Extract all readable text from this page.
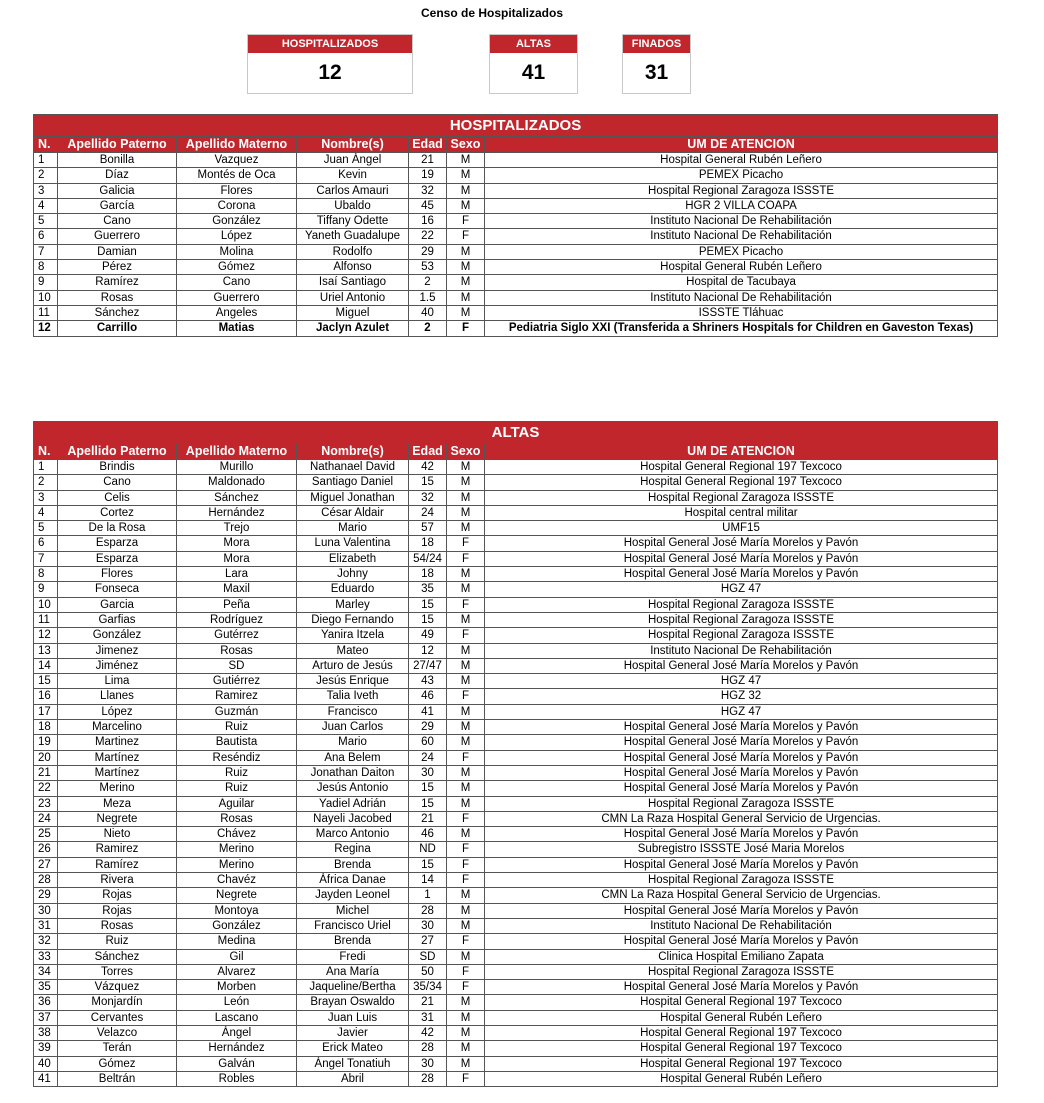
Censo de Hospitalizados
HOSPITALIZADOS
12
ALTAS
41
FINADOS
31
HOSPITALIZADOS						
N.	Apellido Paterno	Apellido Materno	Nombre(s)	Edad	Sexo	UM DE ATENCION
1	Bonilla	Vazquez	Juan Ángel	21	M	Hospital General Rubén Leñero
2	Díaz	Montés de Oca	Kevin	19	M	PEMEX Picacho
3	Galicia	Flores	Carlos Amauri	32	M	Hospital Regional Zaragoza ISSSTE
4	García	Corona	Ubaldo	45	M	HGR 2 VILLA COAPA
5	Cano	González	Tiffany Odette	16	F	Instituto Nacional De Rehabilitación
6	Guerrero	López	Yaneth Guadalupe	22	F	Instituto Nacional De Rehabilitación
7	Damian	Molina	Rodolfo	29	M	PEMEX Picacho
8	Pérez	Gómez	Alfonso	53	M	Hospital General Rubén Leñero
9	Ramírez	Cano	Isaí Santiago	2	M	Hospital de Tacubaya
10	Rosas	Guerrero	Uriel Antonio	1.5	M	Instituto Nacional De Rehabilitación
11	Sánchez	Angeles	Miguel	40	M	ISSSTE Tláhuac
12	Carrillo	Matias	Jaclyn Azulet	2	F	Pediatria Siglo XXI (Transferida a Shriners Hospitals for Children en Gaveston Texas)
ALTAS						
N.	Apellido Paterno	Apellido Materno	Nombre(s)	Edad	Sexo	UM DE ATENCION
1	Brindis	Murillo	Nathanael David	42	M	Hospital General Regional 197 Texcoco
2	Cano	Maldonado	Santiago Daniel	15	M	Hospital General Regional 197 Texcoco
3	Celis	Sánchez	Miguel Jonathan	32	M	Hospital Regional Zaragoza ISSSTE
4	Cortez	Hernández	César Aldair	24	M	Hospital central militar
5	De la Rosa	Trejo	Mario	57	M	UMF15
6	Esparza	Mora	Luna Valentina	18	F	Hospital General José María Morelos y Pavón
7	Esparza	Mora	Elizabeth	54/24	F	Hospital General José María Morelos y Pavón
8	Flores	Lara	Johny	18	M	Hospital General José María Morelos y Pavón
9	Fonseca	Maxil	Eduardo	35	M	HGZ 47
10	Garcia	Peña	Marley	15	F	Hospital Regional Zaragoza ISSSTE
11	Garfias	Rodríguez	Diego Fernando	15	M	Hospital Regional Zaragoza ISSSTE
12	González	Gutérrez	Yanira Itzela	49	F	Hospital Regional Zaragoza ISSSTE
13	Jimenez	Rosas	Mateo	12	M	Instituto Nacional De Rehabilitación
14	Jiménez	SD	Arturo de Jesús	27/47	M	Hospital General José María Morelos y Pavón
15	Lima	Gutiérrez	Jesús Enrique	43	M	HGZ 47
16	Llanes	Ramirez	Talia Iveth	46	F	HGZ 32
17	López	Guzmán	Francisco	41	M	HGZ 47
18	Marcelino	Ruiz	Juan Carlos	29	M	Hospital General José María Morelos y Pavón
19	Martinez	Bautista	Mario	60	M	Hospital General José María Morelos y Pavón
20	Martínez	Reséndiz	Ana Belem	24	F	Hospital General José María Morelos y Pavón
21	Martínez	Ruiz	Jonathan Daiton	30	M	Hospital General José María Morelos y Pavón
22	Merino	Ruiz	Jesús Antonio	15	M	Hospital General José María Morelos y Pavón
23	Meza	Aguilar	Yadiel Adrián	15	M	Hospital Regional Zaragoza ISSSTE
24	Negrete	Rosas	Nayeli Jacobed	21	F	CMN La Raza Hospital General Servicio de Urgencias.
25	Nieto	Chávez	Marco Antonio	46	M	Hospital General José María Morelos y Pavón
26	Ramirez	Merino	Regina	ND	F	Subregistro ISSSTE José Maria Morelos
27	Ramírez	Merino	Brenda	15	F	Hospital General José María Morelos y Pavón
28	Rivera	Chavéz	África Danae	14	F	Hospital Regional Zaragoza ISSSTE
29	Rojas	Negrete	Jayden Leonel	1	M	CMN La Raza Hospital General Servicio de Urgencias.
30	Rojas	Montoya	Michel	28	M	Hospital General José María Morelos y Pavón
31	Rosas	González	Francisco Uriel	30	M	Instituto Nacional De Rehabilitación
32	Ruiz	Medina	Brenda	27	F	Hospital General José María Morelos y Pavón
33	Sánchez	Gil	Fredi	SD	M	Clinica Hospital Emiliano Zapata
34	Torres	Alvarez	Ana María	50	F	Hospital Regional Zaragoza ISSSTE
35	Vázquez	Morben	Jaqueline/Bertha	35/34	F	Hospital General José María Morelos y Pavón
36	Monjardín	León	Brayan Oswaldo	21	M	Hospital General Regional 197 Texcoco
37	Cervantes	Lascano	Juan Luis	31	M	Hospital General Rubén Leñero
38	Velazco	Ángel	Javier	42	M	Hospital General Regional 197 Texcoco
39	Terán	Hernández	Erick Mateo	28	M	Hospital General Regional 197 Texcoco
40	Gómez	Galván	Ángel Tonatiuh	30	M	Hospital General Regional 197 Texcoco
41	Beltrán	Robles	Abril	28	F	Hospital General Rubén Leñero
